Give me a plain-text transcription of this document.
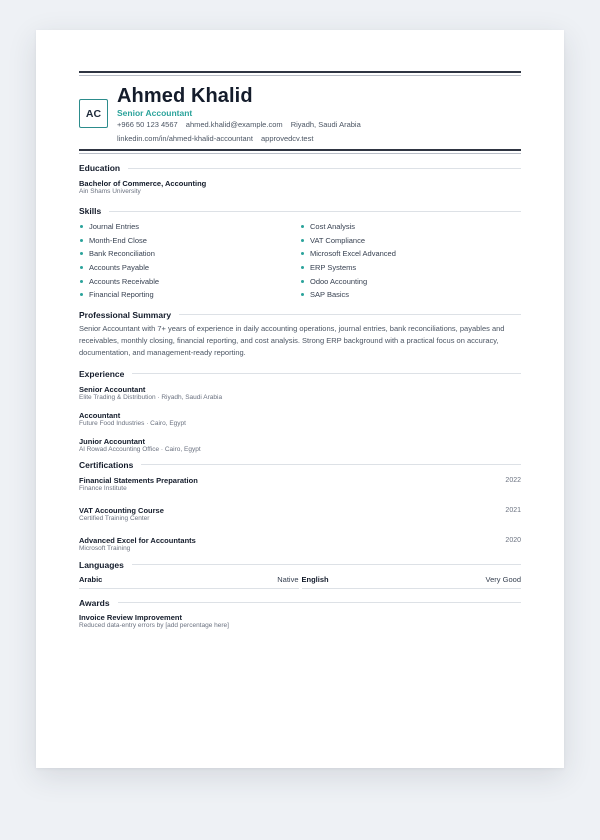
AC
Ahmed Khalid
Senior Accountant
+966 50 123 4567 ahmed.khalid@example.com Riyadh, Saudi Arabia
linkedin.com/in/ahmed-khalid-accountant approvedcv.test
Education
Bachelor of Commerce, Accounting
Ain Shams University
Skills
Journal Entries
Month-End Close
Bank Reconciliation
Accounts Payable
Accounts Receivable
Financial Reporting
Cost Analysis
VAT Compliance
Microsoft Excel Advanced
ERP Systems
Odoo Accounting
SAP Basics
Professional Summary
Senior Accountant with 7+ years of experience in daily accounting operations, journal entries, bank reconciliations, payables and receivables, monthly closing, financial reporting, and cost analysis. Strong ERP background with a practical focus on accuracy, documentation, and management-ready reporting.
Experience
Senior Accountant
Elite Trading & Distribution · Riyadh, Saudi Arabia
Accountant
Future Food Industries · Cairo, Egypt
Junior Accountant
Al Rowad Accounting Office · Cairo, Egypt
Certifications
Financial Statements Preparation
Finance Institute
2022
VAT Accounting Course
Certified Training Center
2021
Advanced Excel for Accountants
Microsoft Training
2020
Languages
Arabic	Native English	Very Good
Awards
Invoice Review Improvement
Reduced data-entry errors by [add percentage here]
